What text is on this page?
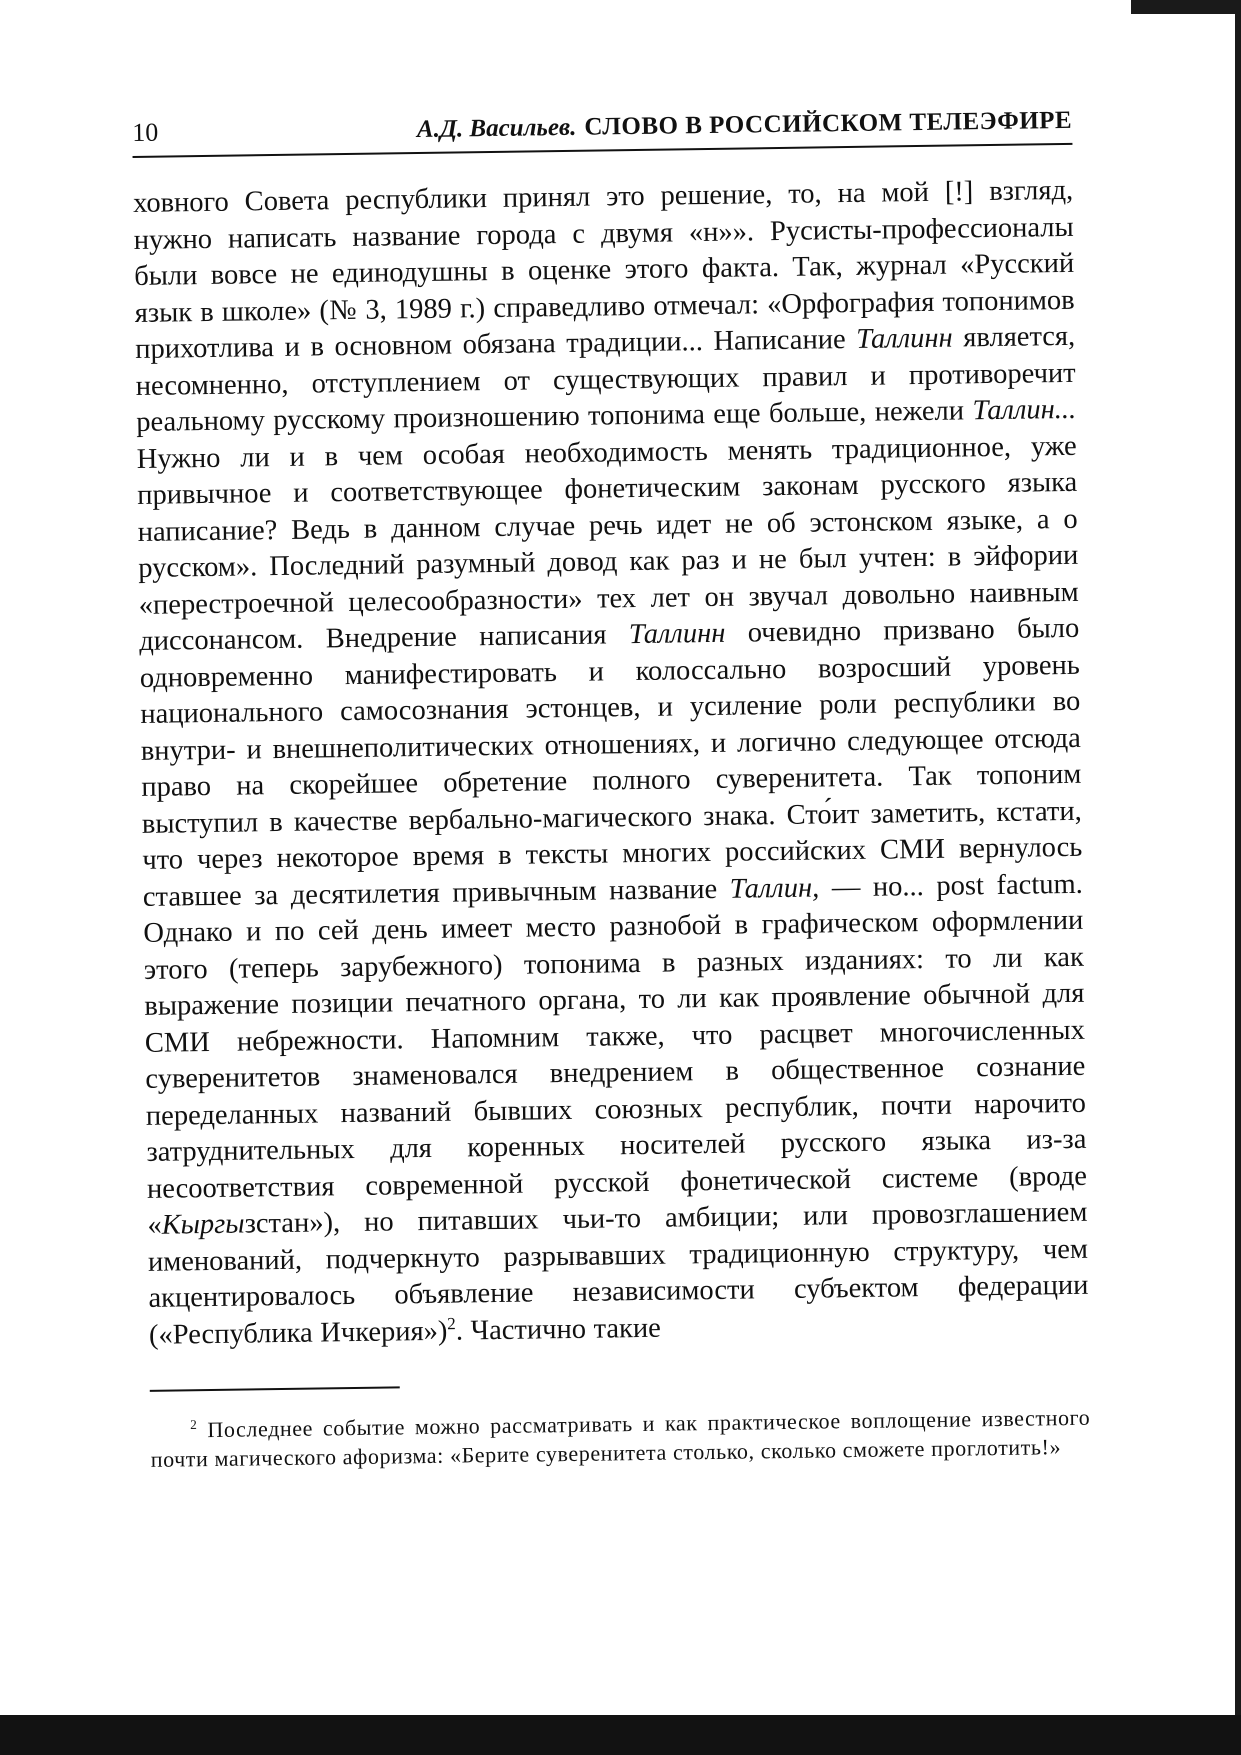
10	А.Д. Васильев. СЛОВО В РОССИЙСКОМ ТЕЛЕЭФИРЕ

ховного Совета республики принял это решение, то, на мой [!] взгляд, нужно написать название города с двумя «н»». Русисты-профессионалы были вовсе не единодушны в оценке этого факта. Так, журнал «Русский язык в школе» (№ 3, 1989 г.) справедливо отмечал: «Орфография топонимов прихотлива и в основном обязана традиции... Написание Таллинн является, несомненно, отступлением от существующих правил и противоречит реальному русскому произношению топонима еще больше, нежели Таллин... Нужно ли и в чем особая необходимость менять традиционное, уже привычное и соответствующее фонетическим законам русского языка написание? Ведь в данном случае речь идет не об эстонском языке, а о русском». Последний разумный довод как раз и не был учтен: в эйфории «перестроечной целесообразности» тех лет он звучал довольно наивным диссонансом. Внедрение написания Таллинн очевидно призвано было одновременно манифестировать и колоссально возросший уровень национального самосознания эстонцев, и усиление роли республики во внутри- и внешнеполитических отношениях, и логично следующее отсюда право на скорейшее обретение полного суверенитета. Так топоним выступил в качестве вербально-магического знака. Сто́ит заметить, кстати, что через некоторое время в тексты многих российских СМИ вернулось ставшее за десятилетия привычным название Таллин, — но... post factum. Однако и по сей день имеет место разнобой в графическом оформлении этого (теперь зарубежного) топонима в разных изданиях: то ли как выражение позиции печатного органа, то ли как проявление обычной для СМИ небрежности. Напомним также, что расцвет многочисленных суверенитетов знаменовался внедрением в общественное сознание переделанных названий бывших союзных республик, почти нарочито затруднительных для коренных носителей русского языка из-за несоответствия современной русской фонетической системе (вроде «Кыргызстан»), но питавших чьи-то амбиции; или провозглашением именований, подчеркнуто разрывавших традиционную структуру, чем акцентировалось объявление независимости субъектом федерации («Республика Ичкерия»)$^2$. Частично такие

$^2$ Последнее событие можно рассматривать и как практическое воплощение известного почти магического афоризма: «Берите суверенитета столько, сколько сможете проглотить!»
